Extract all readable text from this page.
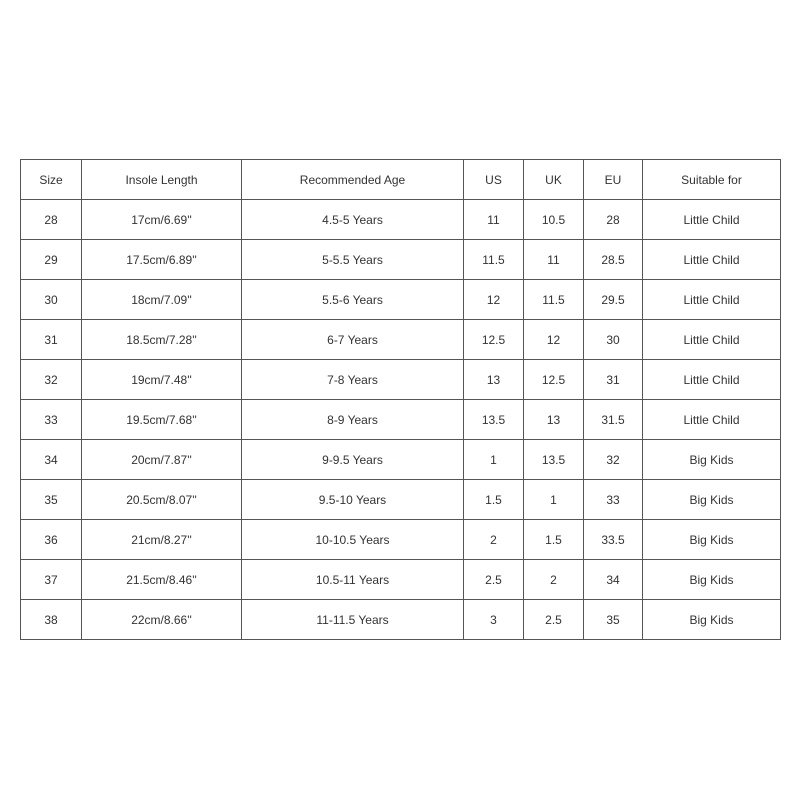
Size	Insole Length	Recommended Age	US	UK	EU	Suitable for
28	17cm/6.69''	4.5-5 Years	11	10.5	28	Little Child
29	17.5cm/6.89''	5-5.5 Years	11.5	11	28.5	Little Child
30	18cm/7.09''	5.5-6 Years	12	11.5	29.5	Little Child
31	18.5cm/7.28''	6-7 Years	12.5	12	30	Little Child
32	19cm/7.48''	7-8 Years	13	12.5	31	Little Child
33	19.5cm/7.68''	8-9 Years	13.5	13	31.5	Little Child
34	20cm/7.87''	9-9.5 Years	1	13.5	32	Big Kids
35	20.5cm/8.07''	9.5-10 Years	1.5	1	33	Big Kids
36	21cm/8.27''	10-10.5 Years	2	1.5	33.5	Big Kids
37	21.5cm/8.46''	10.5-11 Years	2.5	2	34	Big Kids
38	22cm/8.66''	11-11.5 Years	3	2.5	35	Big Kids
